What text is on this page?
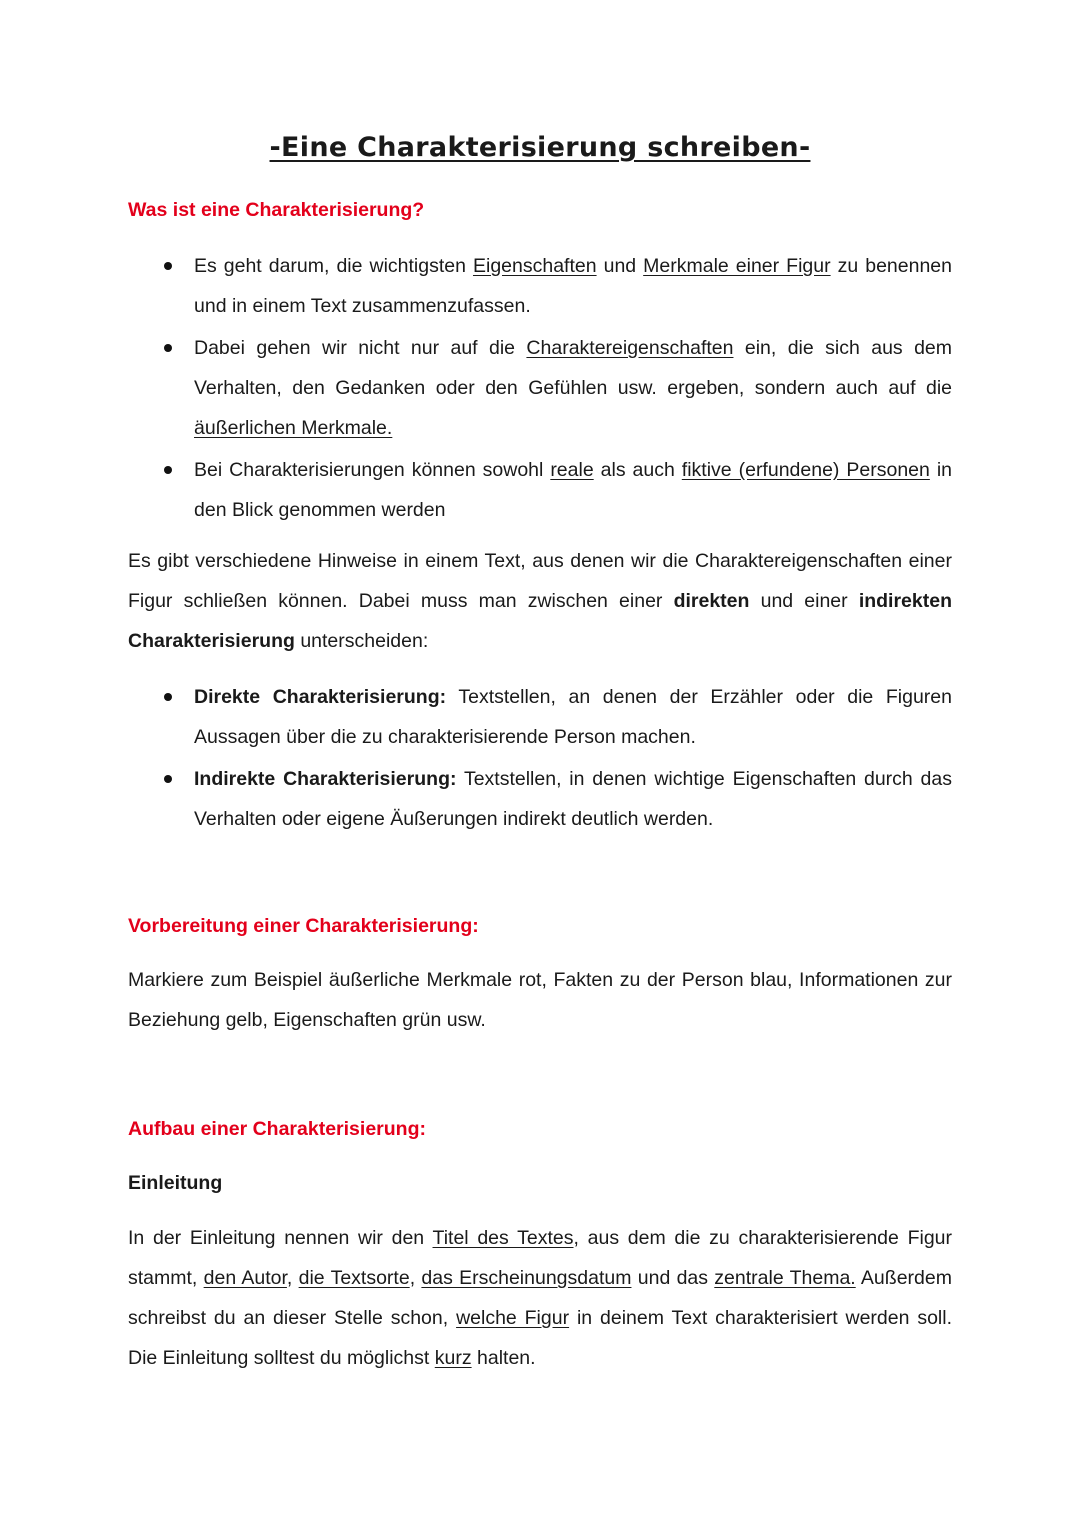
-Eine Charakterisierung schreiben-
Was ist eine Charakterisierung?
Es geht darum, die wichtigsten Eigenschaften und Merkmale einer Figur zu benennen und in einem Text zusammenzufassen.
Dabei gehen wir nicht nur auf die Charaktereigenschaften ein, die sich aus dem Verhalten, den Gedanken oder den Gefühlen usw. ergeben, sondern auch auf die äußerlichen Merkmale.
Bei Charakterisierungen können sowohl reale als auch fiktive (erfundene) Personen in den Blick genommen werden

Es gibt verschiedene Hinweise in einem Text, aus denen wir die Charaktereigenschaften einer Figur schließen können. Dabei muss man zwischen einer direkten und einer indirekten Charakterisierung unterscheiden:

Direkte Charakterisierung: Textstellen, an denen der Erzähler oder die Figuren Aussagen über die zu charakterisierende Person machen.
Indirekte Charakterisierung: Textstellen, in denen wichtige Eigenschaften durch das Verhalten oder eigene Äußerungen indirekt deutlich werden.
Vorbereitung einer Charakterisierung:

Markiere zum Beispiel äußerliche Merkmale rot, Fakten zu der Person blau, Informationen zur Beziehung gelb, Eigenschaften grün usw.

Aufbau einer Charakterisierung:
Einleitung

In der Einleitung nennen wir den Titel des Textes, aus dem die zu charakterisierende Figur stammt, den Autor, die Textsorte, das Erscheinungsdatum und das zentrale Thema. Außerdem schreibst du an dieser Stelle schon, welche Figur in deinem Text charakterisiert werden soll. Die Einleitung solltest du möglichst kurz halten.
